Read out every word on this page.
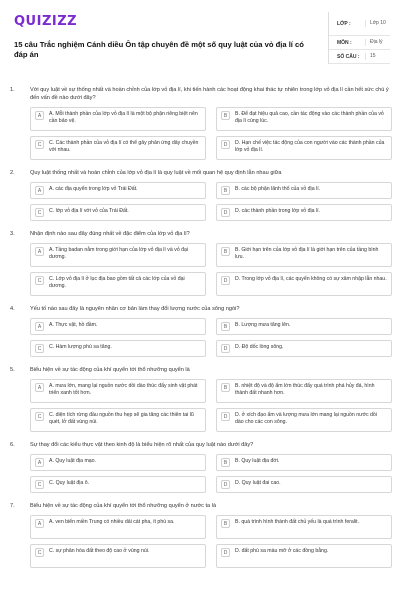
QUIZIZZ
15 câu Trắc nghiệm Cánh diều Ôn tập chuyên đề một số quy luật của vỏ địa lí có đáp án
LỚP :	Lớp 10
MÔN :	Địa lý
SỐ CÂU :	15
1.	Với quy luật về sự thống nhất và hoàn chỉnh của lớp vỏ địa lí, khi tiến hành các hoạt động khai thác tự nhiên trong lớp vỏ địa lí cần hết sức chú ý đến vấn đề nào dưới đây?
A	A. Mỗi thành phần của lớp vỏ địa lí là một bộ phận riêng biệt nên cần bảo vệ.
B	B. Để đạt hiệu quả cao, cần tác động vào các thành phần của vỏ địa lí cùng lúc.
C	C. Các thành phần của vỏ địa lí có thể gây phản ứng dây chuyền với nhau.
D	D. Hạn chế việc tác động của con người vào các thành phần của lớp vỏ địa lí.
2.	Quy luật thống nhất và hoàn chỉnh của lớp vỏ địa lí là quy luật về mối quan hệ quy định lẫn nhau giữa
A	A. các địa quyển trong lớp vỏ Trái Đất.	B	B. các bộ phận lãnh thổ của vỏ địa lí.
C	C. lớp vỏ địa lí với vỏ của Trái Đất.	D	D. các thành phần trong lớp vỏ địa lí.
3.	Nhận định nào sau đây đúng nhất về đặc điểm của lớp vỏ địa lí?
A	A. Tầng badan nằm trong giới hạn của lớp vỏ địa lí và vỏ đại dương.
B	B. Giới hạn trên của lớp vỏ địa lí là giới hạn trên của tầng bình lưu.
C	C. Lớp vỏ địa lí ở lục địa bao gồm tất cả các lớp của vỏ đại dương.
D	D. Trong lớp vỏ địa lí, các quyển không có sự xâm nhập lẫn nhau.
4.	Yếu tố nào sau đây là nguyên nhân cơ bản làm thay đổi lượng nước của sông ngòi?
A	A. Thực vật, hồ đầm.	B	B. Lượng mưa tăng lên.
C	C. Hàm lượng phù sa tăng.	D	D. Độ dốc lòng sông.
5.	Biểu hiện về sự tác động của khí quyển tới thổ nhưỡng quyển là
A	A. mưa lớn, mang lại nguồn nước dồi dào thúc đẩy sinh vật phát triển xanh tốt hơn.
B	B. nhiệt độ và độ ẩm lớn thúc đẩy quá trình phá hủy đá, hình thành đất nhanh hơn.
C	C. diện tích rừng đầu nguồn thu hẹp sẽ gia tăng các thiên tai lũ quét, lở đất vùng núi.
D	D. ở xích đạo ẩm và lượng mưa lớn mang lại nguồn nước dồi dào cho các con sông.
6.	Sự thay đổi các kiểu thực vật theo kinh độ là biểu hiện rõ nhất của quy luật nào dưới đây?
A	A. Quy luật địa mạo.	B	B. Quy luật địa đới.
C	C. Quy luật địa ô.	D	D. Quy luật đai cao.
7.	Biểu hiện về sự tác động của khí quyển tới thổ nhưỡng quyển ở nước ta là
A	A. ven biển miền Trung có nhiều dải cát pha, ít phù sa.	B	B. quá trình hình thành đất chủ yếu là quá trình feralit.
C	C. sự phân hóa đất theo độ cao ở vùng núi.	D	D. đất phù sa màu mỡ ở các đồng bằng.
